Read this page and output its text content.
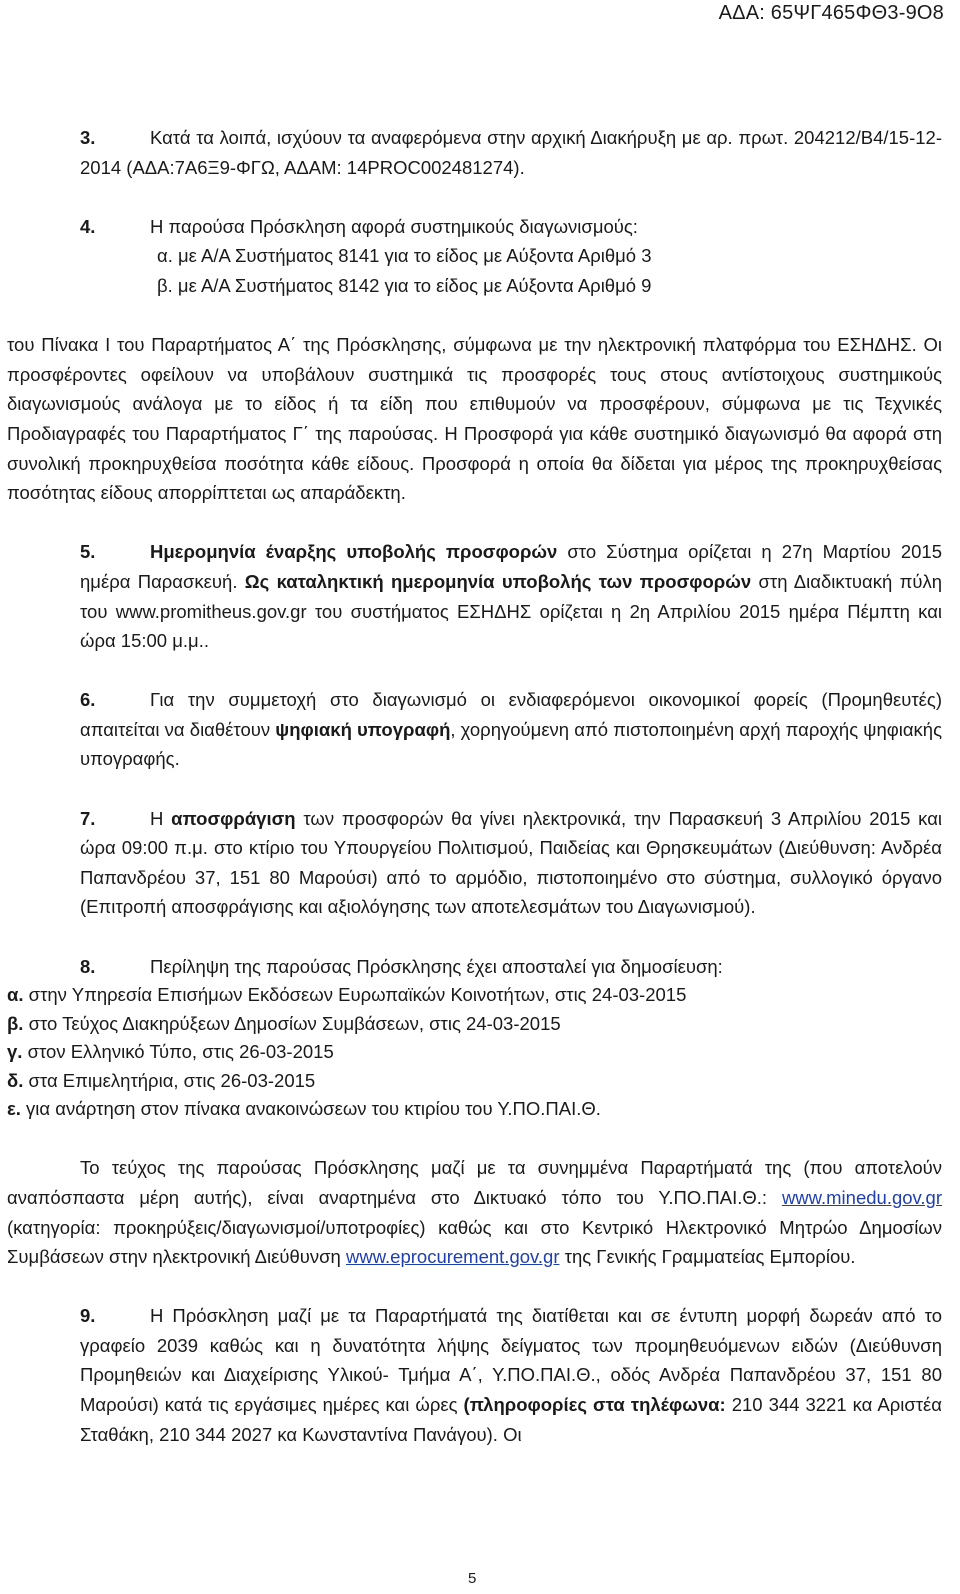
ΑΔΑ: 65ΨΓ465ΦΘ3-9Ο8

3.	Κατά τα λοιπά, ισχύουν τα αναφερόμενα στην αρχική Διακήρυξη με αρ. πρωτ. 204212/Β4/15-12-2014 (ΑΔΑ:7Α6Ξ9-ΦΓΩ, ΑΔΑΜ: 14PROC002481274).

4.	Η παρούσα Πρόσκληση αφορά συστημικούς διαγωνισμούς:

α. με Α/Α Συστήματος 8141 για το είδος με Αύξοντα Αριθμό 3

β. με Α/Α Συστήματος 8142 για το είδος με Αύξοντα Αριθμό 9

του Πίνακα Ι του Παραρτήματος Α΄ της Πρόσκλησης, σύμφωνα με την ηλεκτρονική πλατφόρμα του ΕΣΗΔΗΣ. Οι προσφέροντες οφείλουν να υποβάλουν συστημικά τις προσφορές τους στους αντίστοιχους συστημικούς διαγωνισμούς ανάλογα με το είδος ή τα είδη που επιθυμούν να προσφέρουν, σύμφωνα με τις Τεχνικές Προδιαγραφές του Παραρτήματος Γ΄ της παρούσας. Η Προσφορά για κάθε συστημικό διαγωνισμό θα αφορά στη συνολική προκηρυχθείσα ποσότητα κάθε είδους. Προσφορά η οποία θα δίδεται για μέρος της προκηρυχθείσας ποσότητας είδους απορρίπτεται ως απαράδεκτη.

5.	Ημερομηνία έναρξης υποβολής προσφορών στο Σύστημα ορίζεται η 27η Μαρτίου 2015 ημέρα Παρασκευή. Ως καταληκτική ημερομηνία υποβολής των προσφορών στη Διαδικτυακή πύλη του www.promitheus.gov.gr του συστήματος ΕΣΗΔΗΣ ορίζεται η 2η Απριλίου 2015 ημέρα Πέμπτη και ώρα 15:00 μ.μ..

6.	Για την συμμετοχή στο διαγωνισμό οι ενδιαφερόμενοι οικονομικοί φορείς (Προμηθευτές) απαιτείται να διαθέτουν ψηφιακή υπογραφή, χορηγούμενη από πιστοποιημένη αρχή παροχής ψηφιακής υπογραφής.

7.	Η αποσφράγιση των προσφορών θα γίνει ηλεκτρονικά, την Παρασκευή 3 Απριλίου 2015 και ώρα 09:00 π.μ. στο κτίριο του Υπουργείου Πολιτισμού, Παιδείας και Θρησκευμάτων (Διεύθυνση: Ανδρέα Παπανδρέου 37, 151 80 Μαρούσι) από το αρμόδιο, πιστοποιημένο στο σύστημα, συλλογικό όργανο (Επιτροπή αποσφράγισης και αξιολόγησης των αποτελεσμάτων του Διαγωνισμού).

8.	Περίληψη της παρούσας Πρόσκλησης έχει αποσταλεί για δημοσίευση:

α. στην Υπηρεσία Επισήμων Εκδόσεων Ευρωπαϊκών Κοινοτήτων, στις 24-03-2015

β. στο Τεύχος Διακηρύξεων Δημοσίων Συμβάσεων, στις 24-03-2015

γ. στον Ελληνικό Τύπο, στις 26-03-2015

δ. στα Επιμελητήρια, στις 26-03-2015

ε. για ανάρτηση στον πίνακα ανακοινώσεων του κτιρίου του Υ.ΠΟ.ΠΑΙ.Θ.

Το τεύχος της παρούσας Πρόσκλησης μαζί με τα συνημμένα Παραρτήματά της (που αποτελούν αναπόσπαστα μέρη αυτής), είναι αναρτημένα στο Δικτυακό τόπο του Υ.ΠΟ.ΠΑΙ.Θ.: www.minedu.gov.gr (κατηγορία: προκηρύξεις/διαγωνισμοί/υποτροφίες) καθώς και στο Κεντρικό Ηλεκτρονικό Μητρώο Δημοσίων Συμβάσεων στην ηλεκτρονική Διεύθυνση www.eprocurement.gov.gr της Γενικής Γραμματείας Εμπορίου.

9.	Η Πρόσκληση μαζί με τα Παραρτήματά της διατίθεται και σε έντυπη μορφή δωρεάν από το γραφείο 2039 καθώς και η δυνατότητα λήψης δείγματος των προμηθευόμενων ειδών (Διεύθυνση Προμηθειών και Διαχείρισης Υλικού- Τμήμα Α΄, Υ.ΠΟ.ΠΑΙ.Θ., οδός Ανδρέα Παπανδρέου 37, 151 80 Μαρούσι) κατά τις εργάσιμες ημέρες και ώρες (πληροφορίες στα τηλέφωνα: 210 344 3221 κα Αριστέα Σταθάκη, 210 344 2027 κα Κωνσταντίνα Πανάγου). Οι

5
